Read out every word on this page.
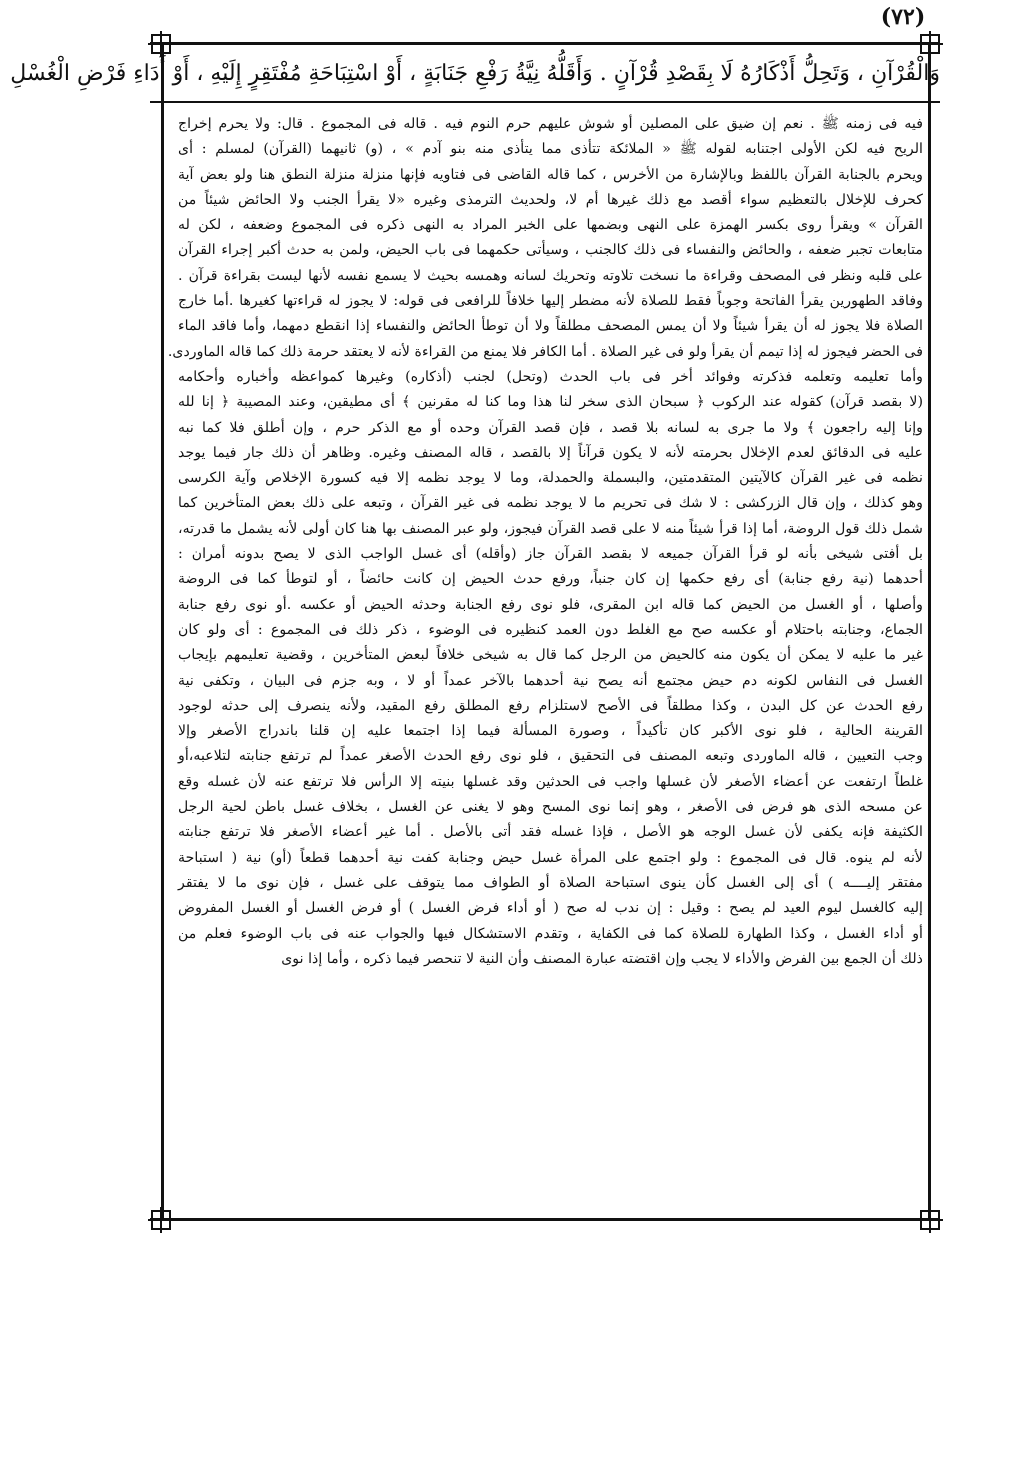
(٧٢)
وَالْقُرْآنِ ، وَتَحِلُّ أَذْكَارُهُ لَا بِقَصْدِ قُرْآنٍ . وَأَقَلُّهُ نِيَّةُ رَفْعِ جَنَابَةٍ ، أَوْ اسْتِبَاحَةِ مُفْتَقِرٍ إِلَيْهِ ، أَوْ أَدَاءِ فَرْضِ الْغُسْلِ
فيه فى زمنه ﷺ . نعم إن ضيق على المصلين أو شوش عليهم حرم النوم فيه . قاله فى المجموع . قال: ولا يحرم إخراج
الريح فيه لكن الأولى اجتنابه لقوله ﷺ « الملائكة تتأذى مما يتأذى منه بنو آدم » ، (و) ثانيهما (القرآن) لمسلم : أى
ويحرم بالجنابة القرآن باللفظ وبالإشارة من الأخرس ، كما قاله القاضى فى فتاويه فإنها منزلة منزلة النطق هنا ولو بعض آية
كحرف للإخلال بالتعظيم سواء أقصد مع ذلك غيرها أم لا، ولحديث الترمذى وغيره «لا يقرأ الجنب ولا الحائض شيئاً من
القرآن » ويقرأ روى بكسر الهمزة على النهى وبضمها على الخبر المراد به النهى ذكره فى المجموع وضعفه ، لكن له
متابعات تجبر ضعفه ، والحائض والنفساء فى ذلك كالجنب ، وسيأتى حكمهما فى باب الحيض، ولمن به حدث أكبر إجراء القرآن
على قلبه ونظر فى المصحف وقراءة ما نسخت تلاوته وتحريك لسانه وهمسه بحيث لا يسمع نفسه لأنها ليست بقراءة قرآن .
وفاقد الطهورين يقرأ الفاتحة وجوباً فقط للصلاة لأنه مضطر إليها خلافاً للرافعى فى قوله: لا يجوز له قراءتها كغيرها .أما خارج
الصلاة فلا يجوز له أن يقرأ شيئاً ولا أن يمس المصحف مطلقاً ولا أن توطأ الحائض والنفساء إذا انقطع دمهما، وأما فاقد الماء
فى الحضر فيجوز له إذا تيمم أن يقرأ ولو فى غير الصلاة . أما الكافر فلا يمنع من القراءة لأنه لا يعتقد حرمة ذلك كما قاله الماوردى.
وأما تعليمه وتعلمه فذكرته وفوائد أخر فى باب الحدث (وتحل) لجنب (أذكاره) وغيرها كمواعظه وأخباره وأحكامه
(لا بقصد قرآن) كقوله عند الركوب ﴿ سبحان الذى سخر لنا هذا وما كنا له مقرنين ﴾ أى مطيقين، وعند المصيبة ﴿ إنا لله
وإنا إليه راجعون ﴾ ولا ما جرى به لسانه بلا قصد ، فإن قصد القرآن وحده أو مع الذكر حرم ، وإن أطلق فلا كما نبه
عليه فى الدقائق لعدم الإخلال بحرمته لأنه لا يكون قرآناً إلا بالقصد ، قاله المصنف وغيره. وظاهر أن ذلك جار فيما يوجد
نظمه فى غير القرآن كالآيتين المتقدمتين، والبسملة والحمدلة، وما لا يوجد نظمه إلا فيه كسورة الإخلاص وآية الكرسى
وهو كذلك ، وإن قال الزركشى : لا شك فى تحريم ما لا يوجد نظمه فى غير القرآن ، وتبعه على ذلك بعض المتأخرين كما
شمل ذلك قول الروضة، أما إذا قرأ شيئاً منه لا على قصد القرآن فيجوز، ولو عبر المصنف بها هنا كان أولى لأنه يشمل ما قدرته،
بل أفتى شيخى بأنه لو قرأ القرآن جميعه لا بقصد القرآن جاز (وأقله) أى غسل الواجب الذى لا يصح بدونه أمران :
أحدهما (نية رفع جنابة) أى رفع حكمها إن كان جنباً، ورفع حدث الحيض إن كانت حائضاً ، أو لتوطأ كما فى الروضة
وأصلها ، أو الغسل من الحيض كما قاله ابن المقرى، فلو نوى رفع الجنابة وحدثه الحيض أو عكسه .أو نوى رفع جنابة
الجماع، وجنابته باحتلام أو عكسه صح مع الغلط دون العمد كنظيره فى الوضوء ، ذكر ذلك فى المجموع : أى ولو كان
غير ما عليه لا يمكن أن يكون منه كالحيض من الرجل كما قال به شيخى خلافاً لبعض المتأخرين ، وقضية تعليمهم بإيجاب
الغسل فى النفاس لكونه دم حيض مجتمع أنه يصح نية أحدهما بالآخر عمداً أو لا ، وبه جزم فى البيان ، وتكفى نية
رفع الحدث عن كل البدن ، وكذا مطلقاً فى الأصح لاستلزام رفع المطلق رفع المقيد، ولأنه ينصرف إلى حدثه لوجود
القرينة الحالية ، فلو نوى الأكبر كان تأكيداً ، وصورة المسألة فيما إذا اجتمعا عليه إن قلنا باندراج الأصغر وإلا
وجب التعيين ، قاله الماوردى وتبعه المصنف فى التحقيق ، فلو نوى رفع الحدث الأصغر عمداً لم ترتفع جنابته لتلاعبه،أو
غلطاً ارتفعت عن أعضاء الأصغر لأن غسلها واجب فى الحدثين وقد غسلها بنيته إلا الرأس فلا ترتفع عنه لأن غسله وقع
عن مسحه الذى هو فرض فى الأصغر ، وهو إنما نوى المسح وهو لا يغنى عن الغسل ، بخلاف غسل باطن لحية الرجل
الكثيفة فإنه يكفى لأن غسل الوجه هو الأصل ، فإذا غسله فقد أتى بالأصل . أما غير أعضاء الأصغر فلا ترتفع جنابته
لأنه لم ينوه. قال فى المجموع : ولو اجتمع على المرأة غسل حيض وجنابة كفت نية أحدهما قطعاً (أو) نية ( استباحة
مفتقر إليــــه ) أى إلى الغسل كأن ينوى استباحة الصلاة أو الطواف مما يتوقف على غسل ، فإن نوى ما لا يفتقر
إليه كالغسل ليوم العيد لم يصح : وقيل : إن ندب له صح ( أو أداء فرض الغسل ) أو فرض الغسل أو الغسل المفروض
أو أداء الغسل ، وكذا الطهارة للصلاة كما فى الكفاية ، وتقدم الاستشكال فيها والجواب عنه فى باب الوضوء فعلم من
ذلك أن الجمع بين الفرض والأداء لا يجب وإن اقتضته عبارة المصنف وأن النية لا تنحصر فيما ذكره ، وأما إذا نوى
